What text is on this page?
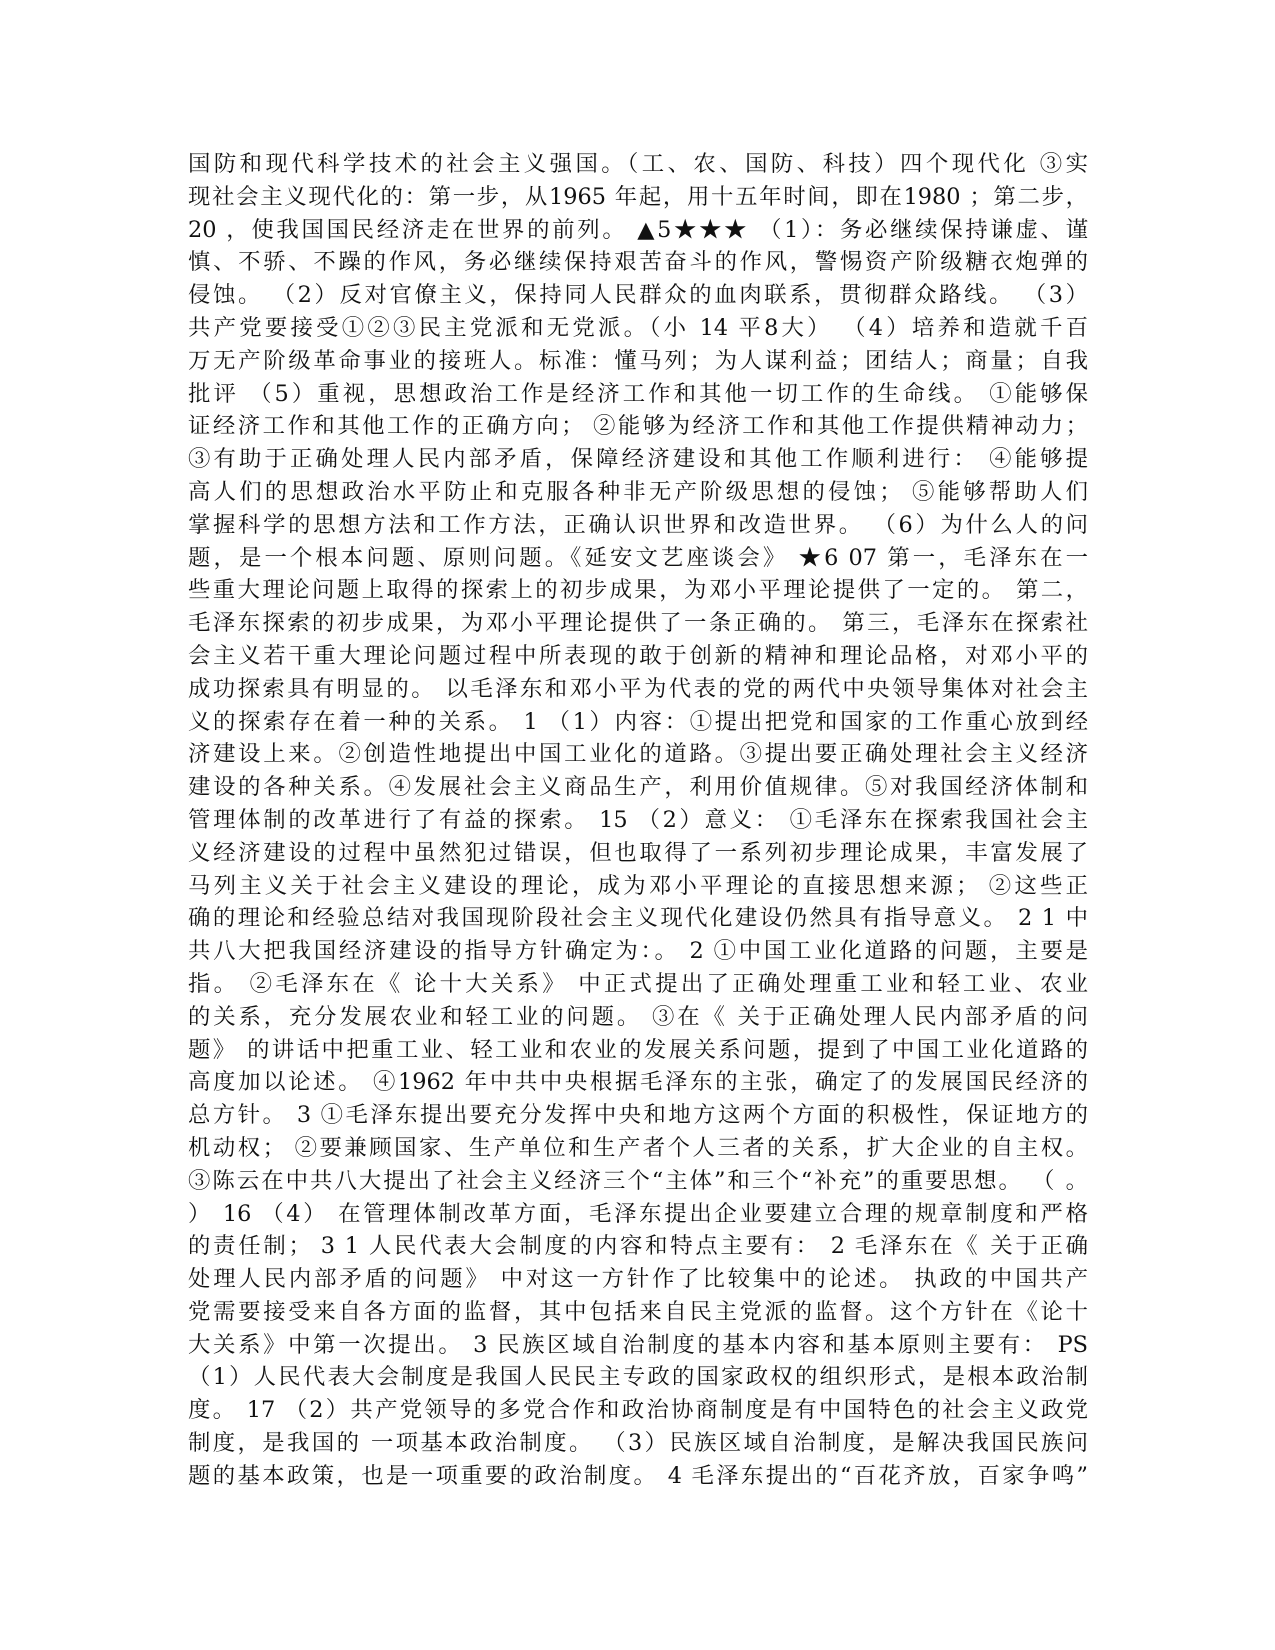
国防和现代科学技术的社会主义强国。（工、农、国防、科技）四个现代化 ③实
现社会主义现代化的：第一步，从1965 年起，用十五年时间，即在1980 ；第二步，
20 ，使我国国民经济走在世界的前列。 ▲5★★★ （1）：务必继续保持谦虚、谨
慎、不骄、不躁的作风，务必继续保持艰苦奋斗的作风，警惕资产阶级糖衣炮弹的
侵蚀。 （2）反对官僚主义，保持同人民群众的血肉联系，贯彻群众路线。 （3）
共产党要接受①②③民主党派和无党派。（小 14 平8大） （4）培养和造就千百
万无产阶级革命事业的接班人。标准：懂马列；为人谋利益；团结人；商量；自我
批评 （5）重视，思想政治工作是经济工作和其他一切工作的生命线。 ①能够保
证经济工作和其他工作的正确方向； ②能够为经济工作和其他工作提供精神动力；
③有助于正确处理人民内部矛盾，保障经济建设和其他工作顺利进行： ④能够提
高人们的思想政治水平防止和克服各种非无产阶级思想的侵蚀； ⑤能够帮助人们
掌握科学的思想方法和工作方法，正确认识世界和改造世界。 （6）为什么人的问
题，是一个根本问题、原则问题。《延安文艺座谈会》 ★6 07 第一，毛泽东在一
些重大理论问题上取得的探索上的初步成果，为邓小平理论提供了一定的。 第二，
毛泽东探索的初步成果，为邓小平理论提供了一条正确的。 第三，毛泽东在探索社
会主义若干重大理论问题过程中所表现的敢于创新的精神和理论品格，对邓小平的
成功探索具有明显的。 以毛泽东和邓小平为代表的党的两代中央领导集体对社会主
义的探索存在着一种的关系。 1 （1）内容：①提出把党和国家的工作重心放到经
济建设上来。②创造性地提出中国工业化的道路。③提出要正确处理社会主义经济
建设的各种关系。④发展社会主义商品生产，利用价值规律。⑤对我国经济体制和
管理体制的改革进行了有益的探索。 15 （2）意义： ①毛泽东在探索我国社会主
义经济建设的过程中虽然犯过错误，但也取得了一系列初步理论成果，丰富发展了
马列主义关于社会主义建设的理论，成为邓小平理论的直接思想来源； ②这些正
确的理论和经验总结对我国现阶段社会主义现代化建设仍然具有指导意义。 2 1 中
共八大把我国经济建设的指导方针确定为：。 2 ①中国工业化道路的问题，主要是
指。 ②毛泽东在《 论十大关系》 中正式提出了正确处理重工业和轻工业、农业
的关系，充分发展农业和轻工业的问题。 ③在《 关于正确处理人民内部矛盾的问
题》 的讲话中把重工业、轻工业和农业的发展关系问题，提到了中国工业化道路的
高度加以论述。 ④1962 年中共中央根据毛泽东的主张，确定了的发展国民经济的
总方针。 3 ①毛泽东提出要充分发挥中央和地方这两个方面的积极性，保证地方的
机动权； ②要兼顾国家、生产单位和生产者个人三者的关系，扩大企业的自主权。
③陈云在中共八大提出了社会主义经济三个“主体”和三个“补充”的重要思想。 （ 。
） 16 （4） 在管理体制改革方面，毛泽东提出企业要建立合理的规章制度和严格
的责任制； 3 1 人民代表大会制度的内容和特点主要有： 2 毛泽东在《 关于正确
处理人民内部矛盾的问题》 中对这一方针作了比较集中的论述。 执政的中国共产
党需要接受来自各方面的监督，其中包括来自民主党派的监督。这个方针在《论十
大关系》中第一次提出。 3 民族区域自治制度的基本内容和基本原则主要有： PS
（1）人民代表大会制度是我国人民民主专政的国家政权的组织形式，是根本政治制
度。 17 （2）共产党领导的多党合作和政治协商制度是有中国特色的社会主义政党
制度，是我国的 一项基本政治制度。 （3）民族区域自治制度，是解决我国民族问
题的基本政策，也是一项重要的政治制度。 4 毛泽东提出的“百花齐放，百家争鸣”
